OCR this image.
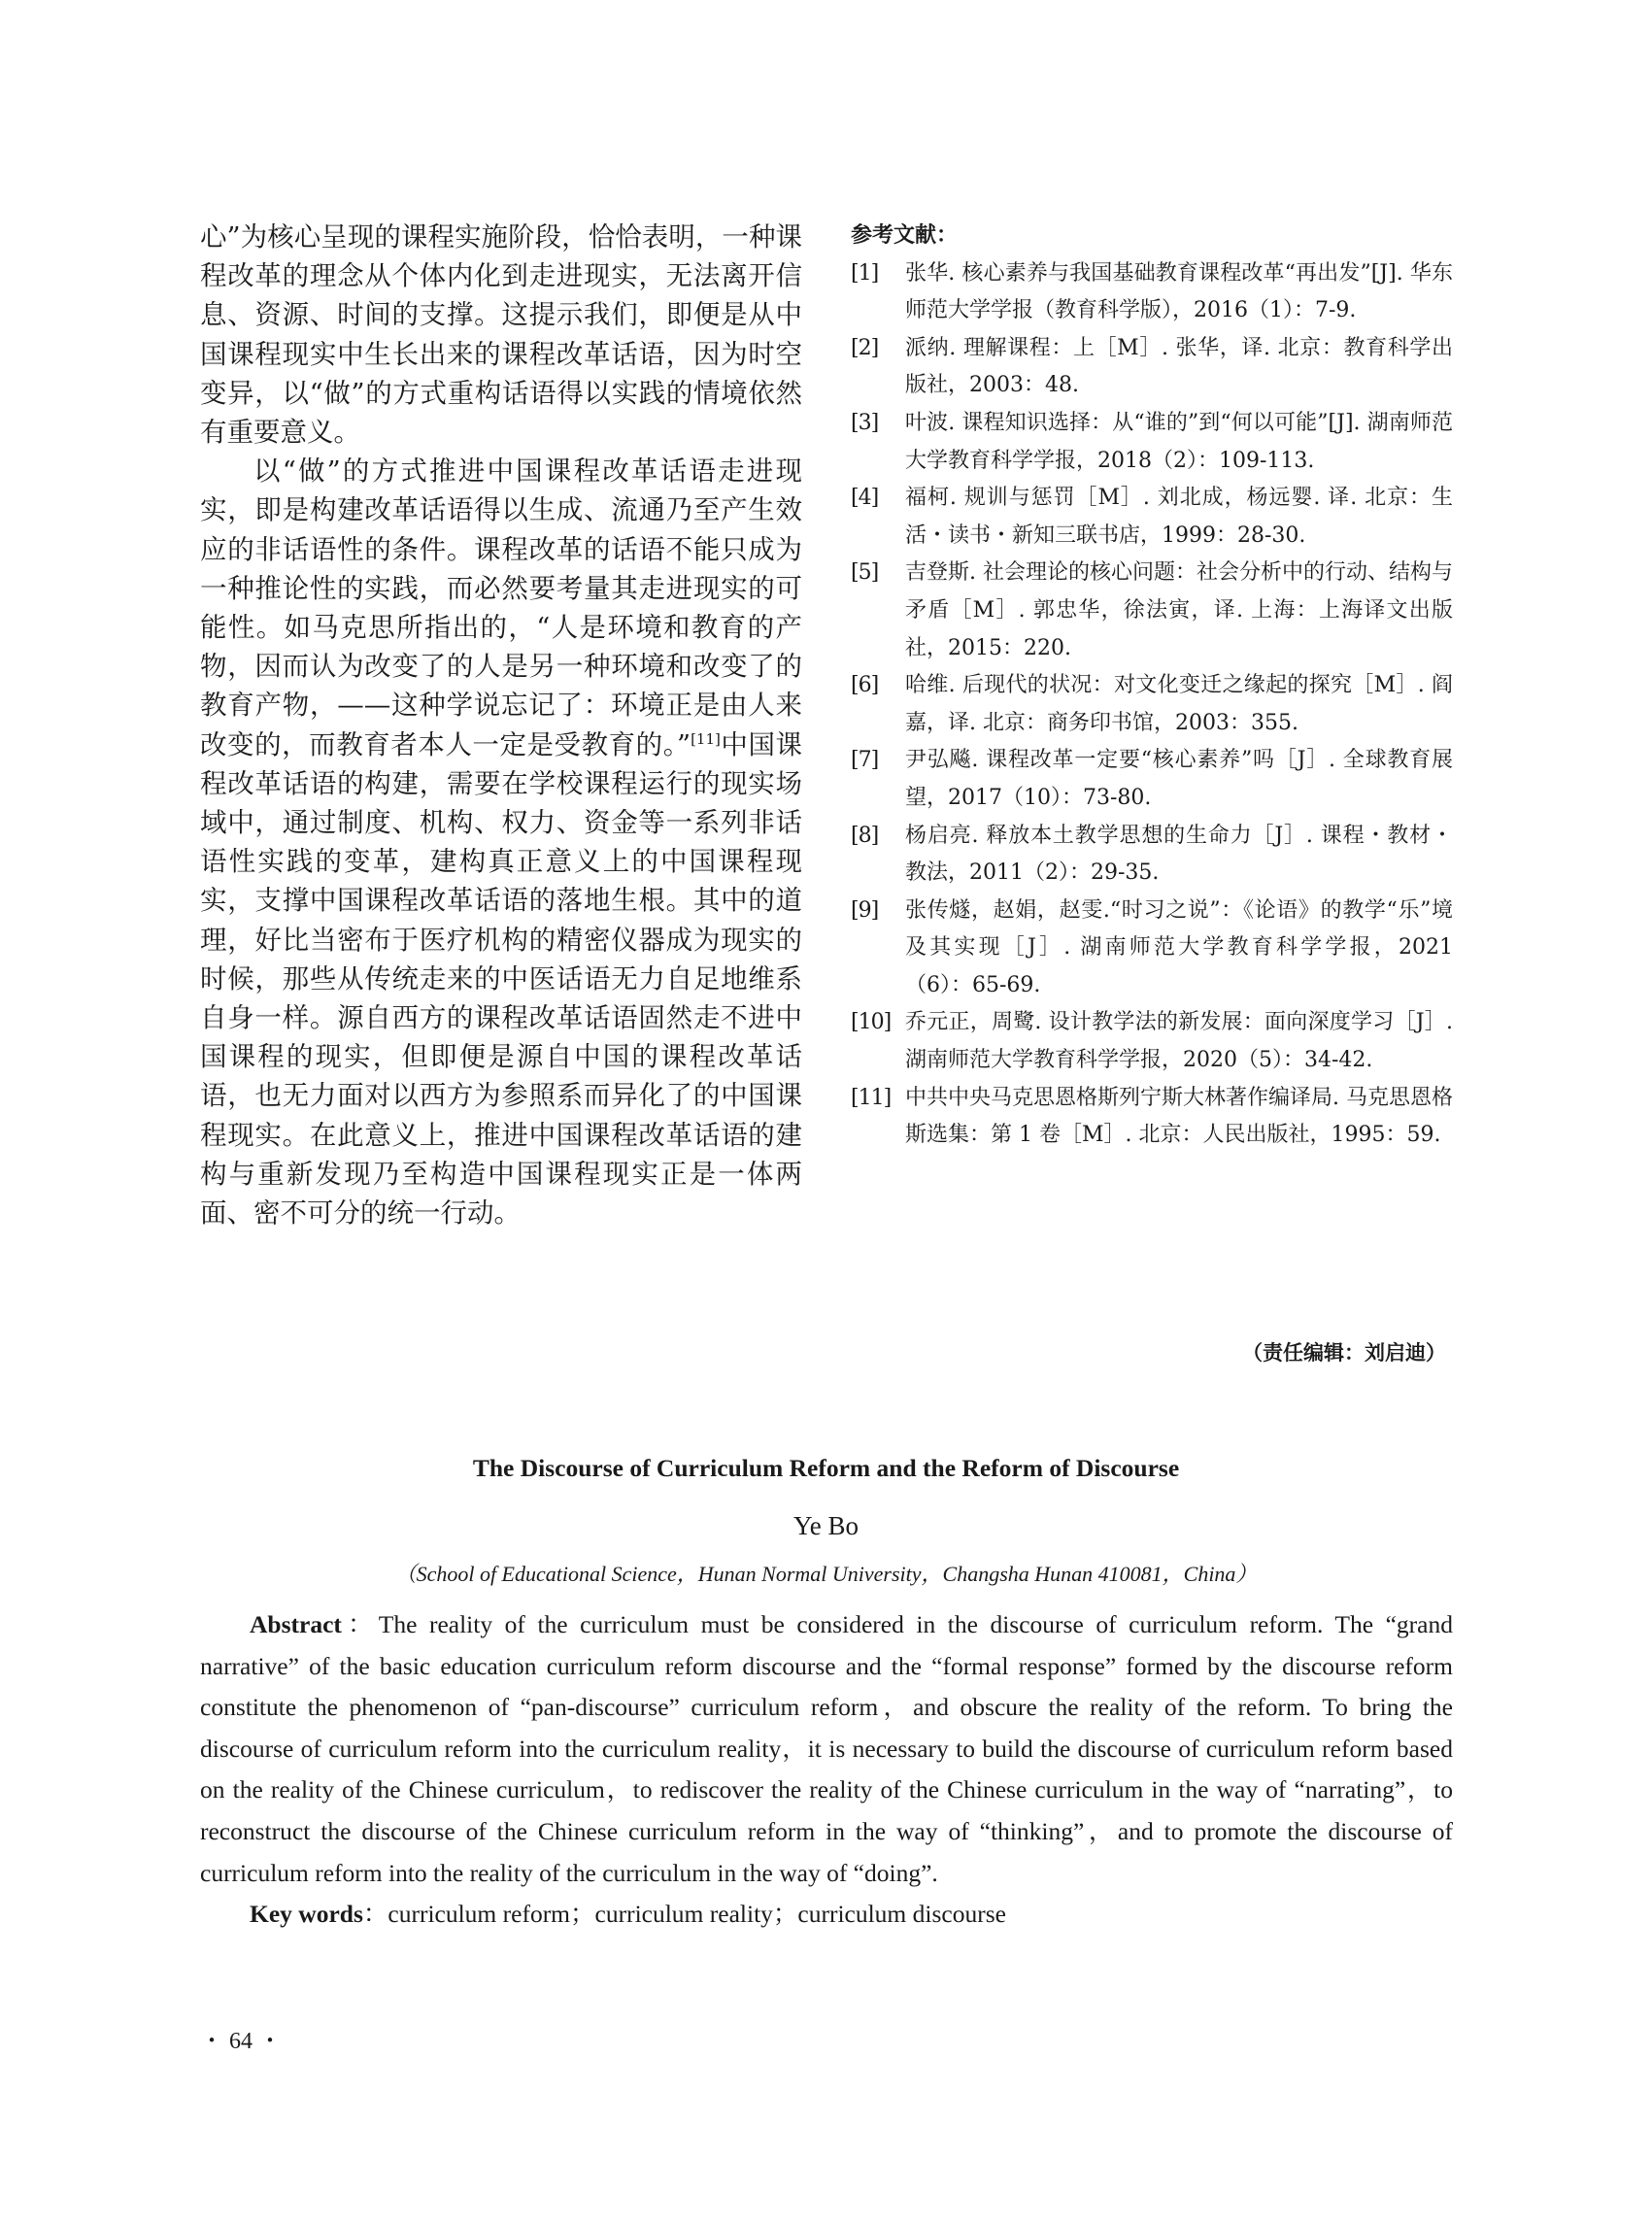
心”为核心呈现的课程实施阶段，恰恰表明，一种课程改革的理念从个体内化到走进现实，无法离开信息、资源、时间的支撑。这提示我们，即便是从中国课程现实中生长出来的课程改革话语，因为时空变异，以“做”的方式重构话语得以实践的情境依然有重要意义。

以“做”的方式推进中国课程改革话语走进现实，即是构建改革话语得以生成、流通乃至产生效应的非话语性的条件。课程改革的话语不能只成为一种推论性的实践，而必然要考量其走进现实的可能性。如马克思所指出的，“人是环境和教育的产物，因而认为改变了的人是另一种环境和改变了的教育产物，——这种学说忘记了：环境正是由人来改变的，而教育者本人一定是受教育的。”[11]中国课程改革话语的构建，需要在学校课程运行的现实场域中，通过制度、机构、权力、资金等一系列非话语性实践的变革，建构真正意义上的中国课程现实，支撑中国课程改革话语的落地生根。其中的道理，好比当密布于医疗机构的精密仪器成为现实的时候，那些从传统走来的中医话语无力自足地维系自身一样。源自西方的课程改革话语固然走不进中国课程的现实，但即便是源自中国的课程改革话语，也无力面对以西方为参照系而异化了的中国课程现实。在此意义上，推进中国课程改革话语的建构与重新发现乃至构造中国课程现实正是一体两面、密不可分的统一行动。

参考文献：

[1]	张华. 核心素养与我国基础教育课程改革“再出发”[J]. 华东师范大学学报（教育科学版），2016（1）：7-9.
[2]	派纳. 理解课程：上［M］. 张华，译. 北京：教育科学出版社，2003：48.
[3]	叶波. 课程知识选择：从“谁的”到“何以可能”[J]. 湖南师范大学教育科学学报，2018（2）：109-113.
[4]	福柯. 规训与惩罚［M］. 刘北成，杨远婴. 译. 北京：生活・读书・新知三联书店，1999：28-30.
[5]	吉登斯. 社会理论的核心问题：社会分析中的行动、结构与矛盾［M］. 郭忠华，徐法寅，译. 上海：上海译文出版社，2015：220.
[6]	哈维. 后现代的状况：对文化变迁之缘起的探究［M］. 阎嘉，译. 北京：商务印书馆，2003：355.
[7]	尹弘飚. 课程改革一定要“核心素养”吗［J］. 全球教育展望，2017（10）：73-80.
[8]	杨启亮. 释放本土教学思想的生命力［J］. 课程・教材・教法，2011（2）：29-35.
[9]	张传燧，赵娟，赵雯.“时习之说”：《论语》的教学“乐”境及其实现［J］. 湖南师范大学教育科学学报，2021（6）：65-69.
[10] 乔元正，周鹭. 设计教学法的新发展：面向深度学习［J］. 湖南师范大学教育科学学报，2020（5）：34-42.
[11] 中共中央马克思恩格斯列宁斯大林著作编译局. 马克思恩格斯选集：第 1 卷［M］. 北京：人民出版社，1995：59.
（责任编辑：刘启迪）
The Discourse of Curriculum Reform and the Reform of Discourse
Ye Bo
（School of Educational Science，Hunan Normal University，Changsha Hunan 410081，China）

Abstract：The reality of the curriculum must be considered in the discourse of curriculum reform. The “grand narrative” of the basic education curriculum reform discourse and the “formal response” formed by the discourse reform constitute the phenomenon of “pan-discourse” curriculum reform，and obscure the reality of the reform. To bring the discourse of curriculum reform into the curriculum reality，it is necessary to build the discourse of curriculum reform based on the reality of the Chinese curriculum，to rediscover the reality of the Chinese curriculum in the way of “narrating”，to reconstruct the discourse of the Chinese curriculum reform in the way of “thinking”，and to promote the discourse of curriculum reform into the reality of the curriculum in the way of “doing”.

Key words：curriculum reform；curriculum reality；curriculum discourse

・ 64 ・
